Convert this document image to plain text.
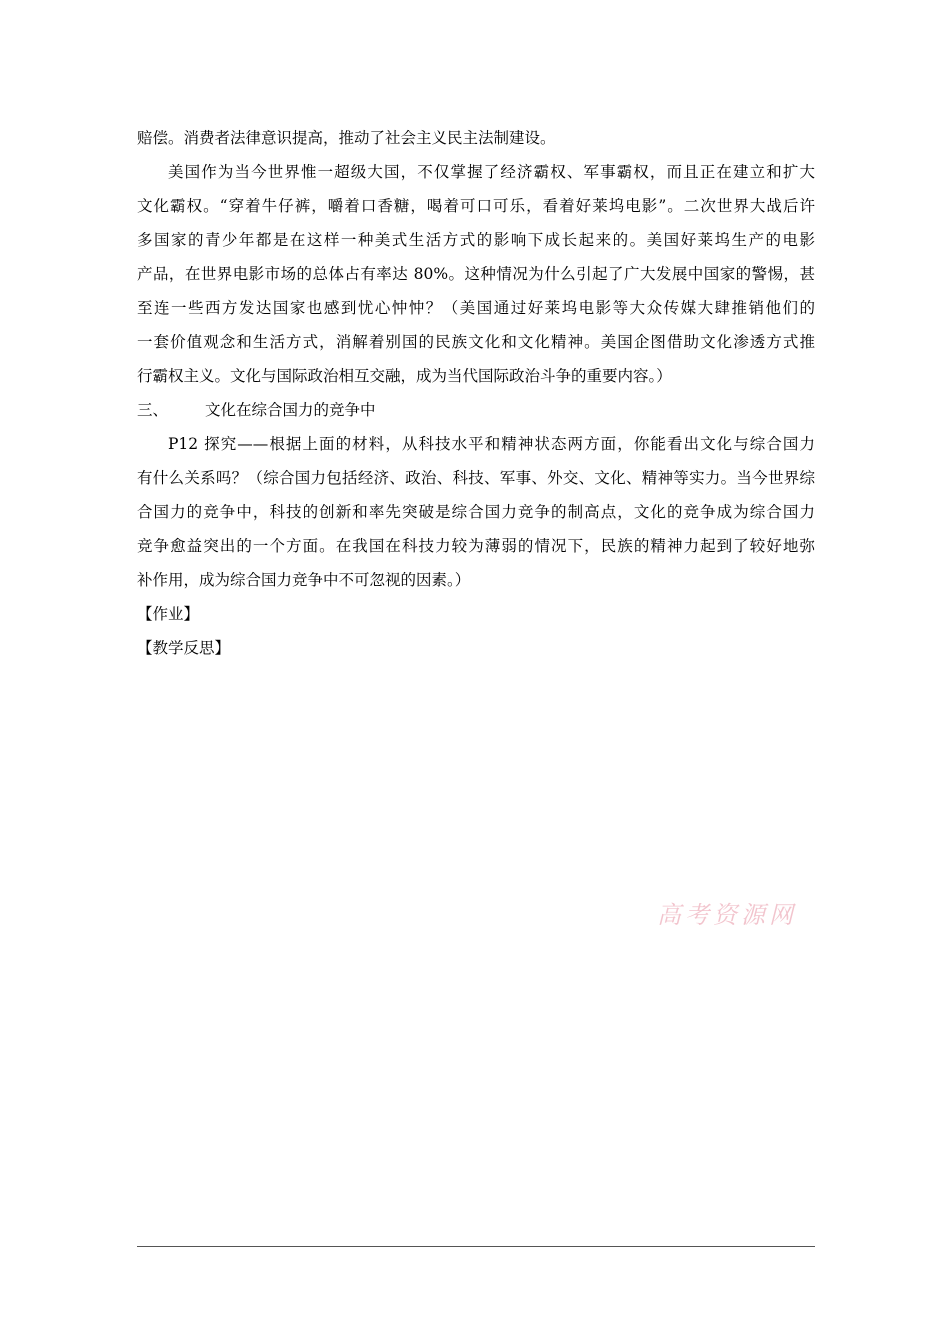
赔偿。消费者法律意识提高，推动了社会主义民主法制建设。
美国作为当今世界惟一超级大国，不仅掌握了经济霸权、军事霸权，而且正在建立和扩大
文化霸权。“穿着牛仔裤，嚼着口香糖，喝着可口可乐，看着好莱坞电影”。二次世界大战后许
多国家的青少年都是在这样一种美式生活方式的影响下成长起来的。美国好莱坞生产的电影
产品，在世界电影市场的总体占有率达 80%。这种情况为什么引起了广大发展中国家的警惕，甚
至连一些西方发达国家也感到忧心忡忡？（美国通过好莱坞电影等大众传媒大肆推销他们的
一套价值观念和生活方式，消解着别国的民族文化和文化精神。美国企图借助文化渗透方式推
行霸权主义。文化与国际政治相互交融，成为当代国际政治斗争的重要内容。）
三、 文化在综合国力的竞争中
P12 探究——根据上面的材料，从科技水平和精神状态两方面，你能看出文化与综合国力
有什么关系吗？（综合国力包括经济、政治、科技、军事、外交、文化、精神等实力。当今世界综
合国力的竞争中，科技的创新和率先突破是综合国力竞争的制高点，文化的竞争成为综合国力
竞争愈益突出的一个方面。在我国在科技力较为薄弱的情况下，民族的精神力起到了较好地弥
补作用，成为综合国力竞争中不可忽视的因素。）
【作业】
【教学反思】
高考资源网
